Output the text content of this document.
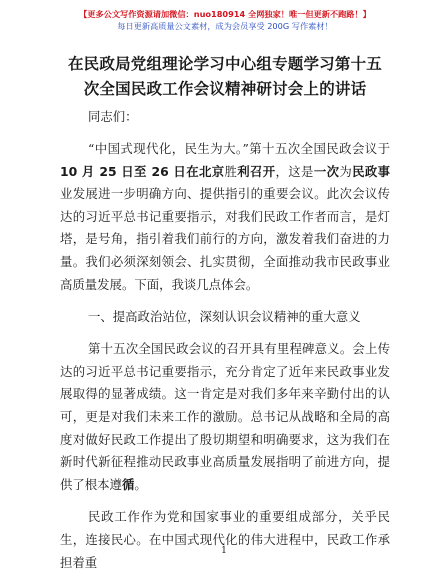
【更多公文写作资源请加微信：nuo180914 全网独家！唯一但更新不跑路！】
每日更新高质量公文素材，成为会员享受 200G 写作素材！
在民政局党组理论学习中心组专题学习第十五
次全国民政工作会议精神研讨会上的讲话
同志们：

“中国式现代化，民生为大。”第十五次全国民政会议于10 月 25 日至 26 日在北京胜利召开，这是一次为民政事业发展进一步明确方向、提供指引的重要会议。此次会议传达的习近平总书记重要指示，对我们民政工作者而言，是灯塔，是号角，指引着我们前行的方向，激发着我们奋进的力量。我们必须深刻领会、扎实贯彻，全面推动我市民政事业高质量发展。下面，我谈几点体会。

一、提高政治站位，深刻认识会议精神的重大意义

第十五次全国民政会议的召开具有里程碑意义。会上传达的习近平总书记重要指示，充分肯定了近年来民政事业发展取得的显著成绩。这一肯定是对我们多年来辛勤付出的认可，更是对我们未来工作的激励。总书记从战略和全局的高度对做好民政工作提出了殷切期望和明确要求，这为我们在新时代新征程推动民政事业高质量发展指明了前进方向，提供了根本遵循。

民政工作作为党和国家事业的重要组成部分，关乎民生，连接民心。在中国式现代化的伟大进程中，民政工作承担着重

1
